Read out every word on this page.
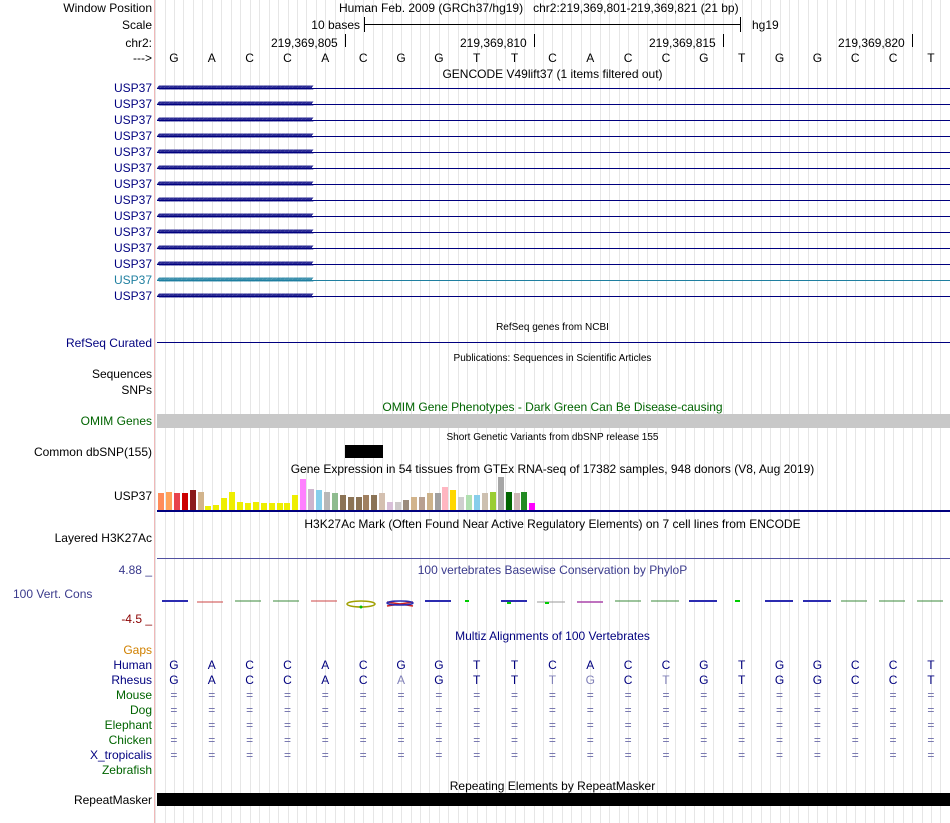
Window Position	Human Feb. 2009 (GRCh37/hg19)   chr2:219,369,801-219,369,821 (21 bp)
Scale	10 bases	hg19
chr2:	219,369,805	219,369,810	219,369,815	219,369,820
--->	G	A	C	C	A	C	G	G	T	T	C	A	C	C	G	T	G	G	C	C	T
GENCODE V49lift37 (1 items filtered out)
USP37 ‹‹‹‹‹‹‹‹‹‹‹‹‹‹‹‹‹‹‹‹‹‹‹‹‹‹‹‹‹‹‹‹‹‹‹‹‹‹‹‹‹‹‹‹‹‹‹‹‹‹‹‹‹‹‹‹‹‹‹‹‹‹‹‹‹‹‹‹‹‹‹‹‹‹‹‹‹‹‹‹‹‹‹‹‹‹‹‹‹‹‹‹‹‹‹‹‹‹‹‹‹‹‹‹‹‹‹‹‹‹‹‹‹‹‹‹‹‹‹‹‹‹‹‹‹‹‹‹‹‹‹‹‹‹‹‹‹‹‹‹‹‹‹‹‹‹‹‹‹‹
USP37 ‹‹‹‹‹‹‹‹‹‹‹‹‹‹‹‹‹‹‹‹‹‹‹‹‹‹‹‹‹‹‹‹‹‹‹‹‹‹‹‹‹‹‹‹‹‹‹‹‹‹‹‹‹‹‹‹‹‹‹‹‹‹‹‹‹‹‹‹‹‹‹‹‹‹‹‹‹‹‹‹‹‹‹‹‹‹‹‹‹‹‹‹‹‹‹‹‹‹‹‹‹‹‹‹‹‹‹‹‹‹‹‹‹‹‹‹‹‹‹‹‹‹‹‹‹‹‹‹‹‹‹‹‹‹‹‹‹‹‹‹‹‹‹‹‹‹‹‹‹‹
USP37 ‹‹‹‹‹‹‹‹‹‹‹‹‹‹‹‹‹‹‹‹‹‹‹‹‹‹‹‹‹‹‹‹‹‹‹‹‹‹‹‹‹‹‹‹‹‹‹‹‹‹‹‹‹‹‹‹‹‹‹‹‹‹‹‹‹‹‹‹‹‹‹‹‹‹‹‹‹‹‹‹‹‹‹‹‹‹‹‹‹‹‹‹‹‹‹‹‹‹‹‹‹‹‹‹‹‹‹‹‹‹‹‹‹‹‹‹‹‹‹‹‹‹‹‹‹‹‹‹‹‹‹‹‹‹‹‹‹‹‹‹‹‹‹‹‹‹‹‹‹‹
USP37 ‹‹‹‹‹‹‹‹‹‹‹‹‹‹‹‹‹‹‹‹‹‹‹‹‹‹‹‹‹‹‹‹‹‹‹‹‹‹‹‹‹‹‹‹‹‹‹‹‹‹‹‹‹‹‹‹‹‹‹‹‹‹‹‹‹‹‹‹‹‹‹‹‹‹‹‹‹‹‹‹‹‹‹‹‹‹‹‹‹‹‹‹‹‹‹‹‹‹‹‹‹‹‹‹‹‹‹‹‹‹‹‹‹‹‹‹‹‹‹‹‹‹‹‹‹‹‹‹‹‹‹‹‹‹‹‹‹‹‹‹‹‹‹‹‹‹‹‹‹‹
USP37 ‹‹‹‹‹‹‹‹‹‹‹‹‹‹‹‹‹‹‹‹‹‹‹‹‹‹‹‹‹‹‹‹‹‹‹‹‹‹‹‹‹‹‹‹‹‹‹‹‹‹‹‹‹‹‹‹‹‹‹‹‹‹‹‹‹‹‹‹‹‹‹‹‹‹‹‹‹‹‹‹‹‹‹‹‹‹‹‹‹‹‹‹‹‹‹‹‹‹‹‹‹‹‹‹‹‹‹‹‹‹‹‹‹‹‹‹‹‹‹‹‹‹‹‹‹‹‹‹‹‹‹‹‹‹‹‹‹‹‹‹‹‹‹‹‹‹‹‹‹‹
USP37 ‹‹‹‹‹‹‹‹‹‹‹‹‹‹‹‹‹‹‹‹‹‹‹‹‹‹‹‹‹‹‹‹‹‹‹‹‹‹‹‹‹‹‹‹‹‹‹‹‹‹‹‹‹‹‹‹‹‹‹‹‹‹‹‹‹‹‹‹‹‹‹‹‹‹‹‹‹‹‹‹‹‹‹‹‹‹‹‹‹‹‹‹‹‹‹‹‹‹‹‹‹‹‹‹‹‹‹‹‹‹‹‹‹‹‹‹‹‹‹‹‹‹‹‹‹‹‹‹‹‹‹‹‹‹‹‹‹‹‹‹‹‹‹‹‹‹‹‹‹‹
USP37 ‹‹‹‹‹‹‹‹‹‹‹‹‹‹‹‹‹‹‹‹‹‹‹‹‹‹‹‹‹‹‹‹‹‹‹‹‹‹‹‹‹‹‹‹‹‹‹‹‹‹‹‹‹‹‹‹‹‹‹‹‹‹‹‹‹‹‹‹‹‹‹‹‹‹‹‹‹‹‹‹‹‹‹‹‹‹‹‹‹‹‹‹‹‹‹‹‹‹‹‹‹‹‹‹‹‹‹‹‹‹‹‹‹‹‹‹‹‹‹‹‹‹‹‹‹‹‹‹‹‹‹‹‹‹‹‹‹‹‹‹‹‹‹‹‹‹‹‹‹‹
USP37 ‹‹‹‹‹‹‹‹‹‹‹‹‹‹‹‹‹‹‹‹‹‹‹‹‹‹‹‹‹‹‹‹‹‹‹‹‹‹‹‹‹‹‹‹‹‹‹‹‹‹‹‹‹‹‹‹‹‹‹‹‹‹‹‹‹‹‹‹‹‹‹‹‹‹‹‹‹‹‹‹‹‹‹‹‹‹‹‹‹‹‹‹‹‹‹‹‹‹‹‹‹‹‹‹‹‹‹‹‹‹‹‹‹‹‹‹‹‹‹‹‹‹‹‹‹‹‹‹‹‹‹‹‹‹‹‹‹‹‹‹‹‹‹‹‹‹‹‹‹‹
USP37 ‹‹‹‹‹‹‹‹‹‹‹‹‹‹‹‹‹‹‹‹‹‹‹‹‹‹‹‹‹‹‹‹‹‹‹‹‹‹‹‹‹‹‹‹‹‹‹‹‹‹‹‹‹‹‹‹‹‹‹‹‹‹‹‹‹‹‹‹‹‹‹‹‹‹‹‹‹‹‹‹‹‹‹‹‹‹‹‹‹‹‹‹‹‹‹‹‹‹‹‹‹‹‹‹‹‹‹‹‹‹‹‹‹‹‹‹‹‹‹‹‹‹‹‹‹‹‹‹‹‹‹‹‹‹‹‹‹‹‹‹‹‹‹‹‹‹‹‹‹‹
USP37 ‹‹‹‹‹‹‹‹‹‹‹‹‹‹‹‹‹‹‹‹‹‹‹‹‹‹‹‹‹‹‹‹‹‹‹‹‹‹‹‹‹‹‹‹‹‹‹‹‹‹‹‹‹‹‹‹‹‹‹‹‹‹‹‹‹‹‹‹‹‹‹‹‹‹‹‹‹‹‹‹‹‹‹‹‹‹‹‹‹‹‹‹‹‹‹‹‹‹‹‹‹‹‹‹‹‹‹‹‹‹‹‹‹‹‹‹‹‹‹‹‹‹‹‹‹‹‹‹‹‹‹‹‹‹‹‹‹‹‹‹‹‹‹‹‹‹‹‹‹‹
USP37 ‹‹‹‹‹‹‹‹‹‹‹‹‹‹‹‹‹‹‹‹‹‹‹‹‹‹‹‹‹‹‹‹‹‹‹‹‹‹‹‹‹‹‹‹‹‹‹‹‹‹‹‹‹‹‹‹‹‹‹‹‹‹‹‹‹‹‹‹‹‹‹‹‹‹‹‹‹‹‹‹‹‹‹‹‹‹‹‹‹‹‹‹‹‹‹‹‹‹‹‹‹‹‹‹‹‹‹‹‹‹‹‹‹‹‹‹‹‹‹‹‹‹‹‹‹‹‹‹‹‹‹‹‹‹‹‹‹‹‹‹‹‹‹‹‹‹‹‹‹‹
USP37 ‹‹‹‹‹‹‹‹‹‹‹‹‹‹‹‹‹‹‹‹‹‹‹‹‹‹‹‹‹‹‹‹‹‹‹‹‹‹‹‹‹‹‹‹‹‹‹‹‹‹‹‹‹‹‹‹‹‹‹‹‹‹‹‹‹‹‹‹‹‹‹‹‹‹‹‹‹‹‹‹‹‹‹‹‹‹‹‹‹‹‹‹‹‹‹‹‹‹‹‹‹‹‹‹‹‹‹‹‹‹‹‹‹‹‹‹‹‹‹‹‹‹‹‹‹‹‹‹‹‹‹‹‹‹‹‹‹‹‹‹‹‹‹‹‹‹‹‹‹‹
USP37 ‹‹‹‹‹‹‹‹‹‹‹‹‹‹‹‹‹‹‹‹‹‹‹‹‹‹‹‹‹‹‹‹‹‹‹‹‹‹‹‹‹‹‹‹‹‹‹‹‹‹‹‹‹‹‹‹‹‹‹‹‹‹‹‹‹‹‹‹‹‹‹‹‹‹‹‹‹‹‹‹‹‹‹‹‹‹‹‹‹‹‹‹‹‹‹‹‹‹‹‹‹‹‹‹‹‹‹‹‹‹‹‹‹‹‹‹‹‹‹‹‹‹‹‹‹‹‹‹‹‹‹‹‹‹‹‹‹‹‹‹‹‹‹‹‹‹‹‹‹‹
USP37 ‹‹‹‹‹‹‹‹‹‹‹‹‹‹‹‹‹‹‹‹‹‹‹‹‹‹‹‹‹‹‹‹‹‹‹‹‹‹‹‹‹‹‹‹‹‹‹‹‹‹‹‹‹‹‹‹‹‹‹‹‹‹‹‹‹‹‹‹‹‹‹‹‹‹‹‹‹‹‹‹‹‹‹‹‹‹‹‹‹‹‹‹‹‹‹‹‹‹‹‹‹‹‹‹‹‹‹‹‹‹‹‹‹‹‹‹‹‹‹‹‹‹‹‹‹‹‹‹‹‹‹‹‹‹‹‹‹‹‹‹‹‹‹‹‹‹‹‹‹‹
RefSeq genes from NCBI
RefSeq Curated
Publications: Sequences in Scientific Articles
Sequences
SNPs
OMIM Gene Phenotypes - Dark Green Can Be Disease-causing
OMIM Genes
Short Genetic Variants from dbSNP release 155
Common dbSNP(155)
Gene Expression in 54 tissues from GTEx RNA-seq of 17382 samples, 948 donors (V8, Aug 2019)
USP37
H3K27Ac Mark (Often Found Near Active Regulatory Elements) on 7 cell lines from ENCODE
Layered H3K27Ac
100 vertebrates Basewise Conservation by PhyloP
4.88 _
100 Vert. Cons
-4.5 _
Multiz Alignments of 100 Vertebrates
Gaps
Human	G	A	C	C	A	C	G	G	T	T	C	A	C	C	G	T	G	G	C	C	T
Rhesus	G	A	C	C	A	C	A	G	T	T	T	G	C	T	G	T	G	G	C	C	T
Mouse	=	=	=	=	=	=	=	=	=	=	=	=	=	=	=	=	=	=	=	=	=
Dog	=	=	=	=	=	=	=	=	=	=	=	=	=	=	=	=	=	=	=	=	=
Elephant	=	=	=	=	=	=	=	=	=	=	=	=	=	=	=	=	=	=	=	=	=
Chicken	=	=	=	=	=	=	=	=	=	=	=	=	=	=	=	=	=	=	=	=	=
X_tropicalis	=	=	=	=	=	=	=	=	=	=	=	=	=	=	=	=	=	=	=	=	=
Zebrafish
Repeating Elements by RepeatMasker
RepeatMasker
